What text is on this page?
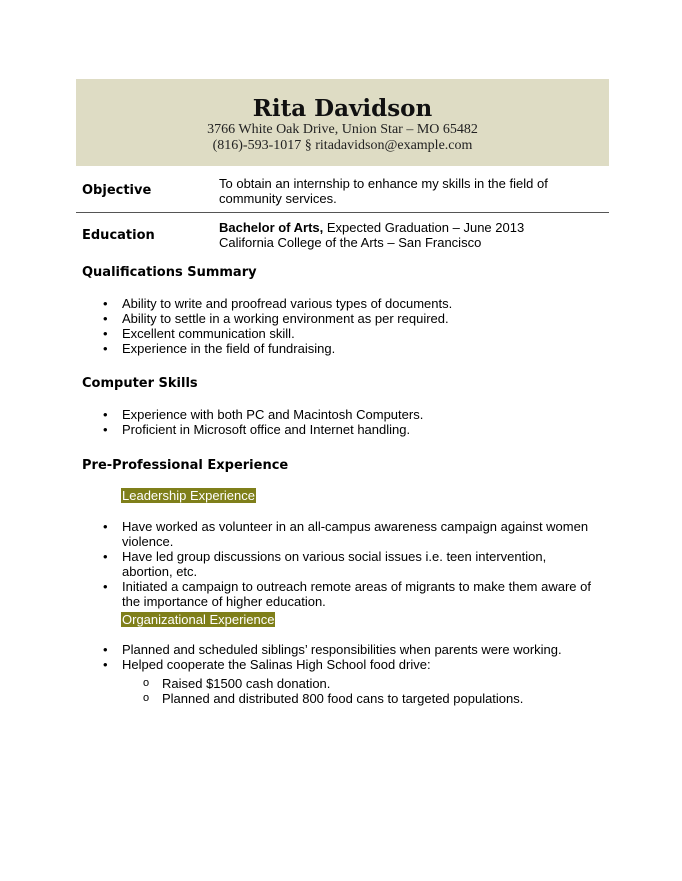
Rita Davidson
3766 White Oak Drive, Union Star – MO 65482
(816)-593-1017 § ritadavidson@example.com
Objective	To obtain an internship to enhance my skills in the field of community services.
Education
Bachelor of Arts, Expected Graduation – June 2013
California College of the Arts – San Francisco
Qualifications Summary
• Ability to write and proofread various types of documents.
• Ability to settle in a working environment as per required.
• Excellent communication skill.
• Experience in the field of fundraising.
Computer Skills
• Experience with both PC and Macintosh Computers.
• Proficient in Microsoft office and Internet handling.
Pre-Professional Experience
Leadership Experience
• Have worked as volunteer in an all-campus awareness campaign against women violence.
• Have led group discussions on various social issues i.e. teen intervention, abortion, etc.
• Initiated a campaign to outreach remote areas of migrants to make them aware of the importance of higher education.
Organizational Experience
• Planned and scheduled siblings’ responsibilities when parents were working.
• Helped cooperate the Salinas High School food drive:
o Raised $1500 cash donation.
o Planned and distributed 800 food cans to targeted populations.
